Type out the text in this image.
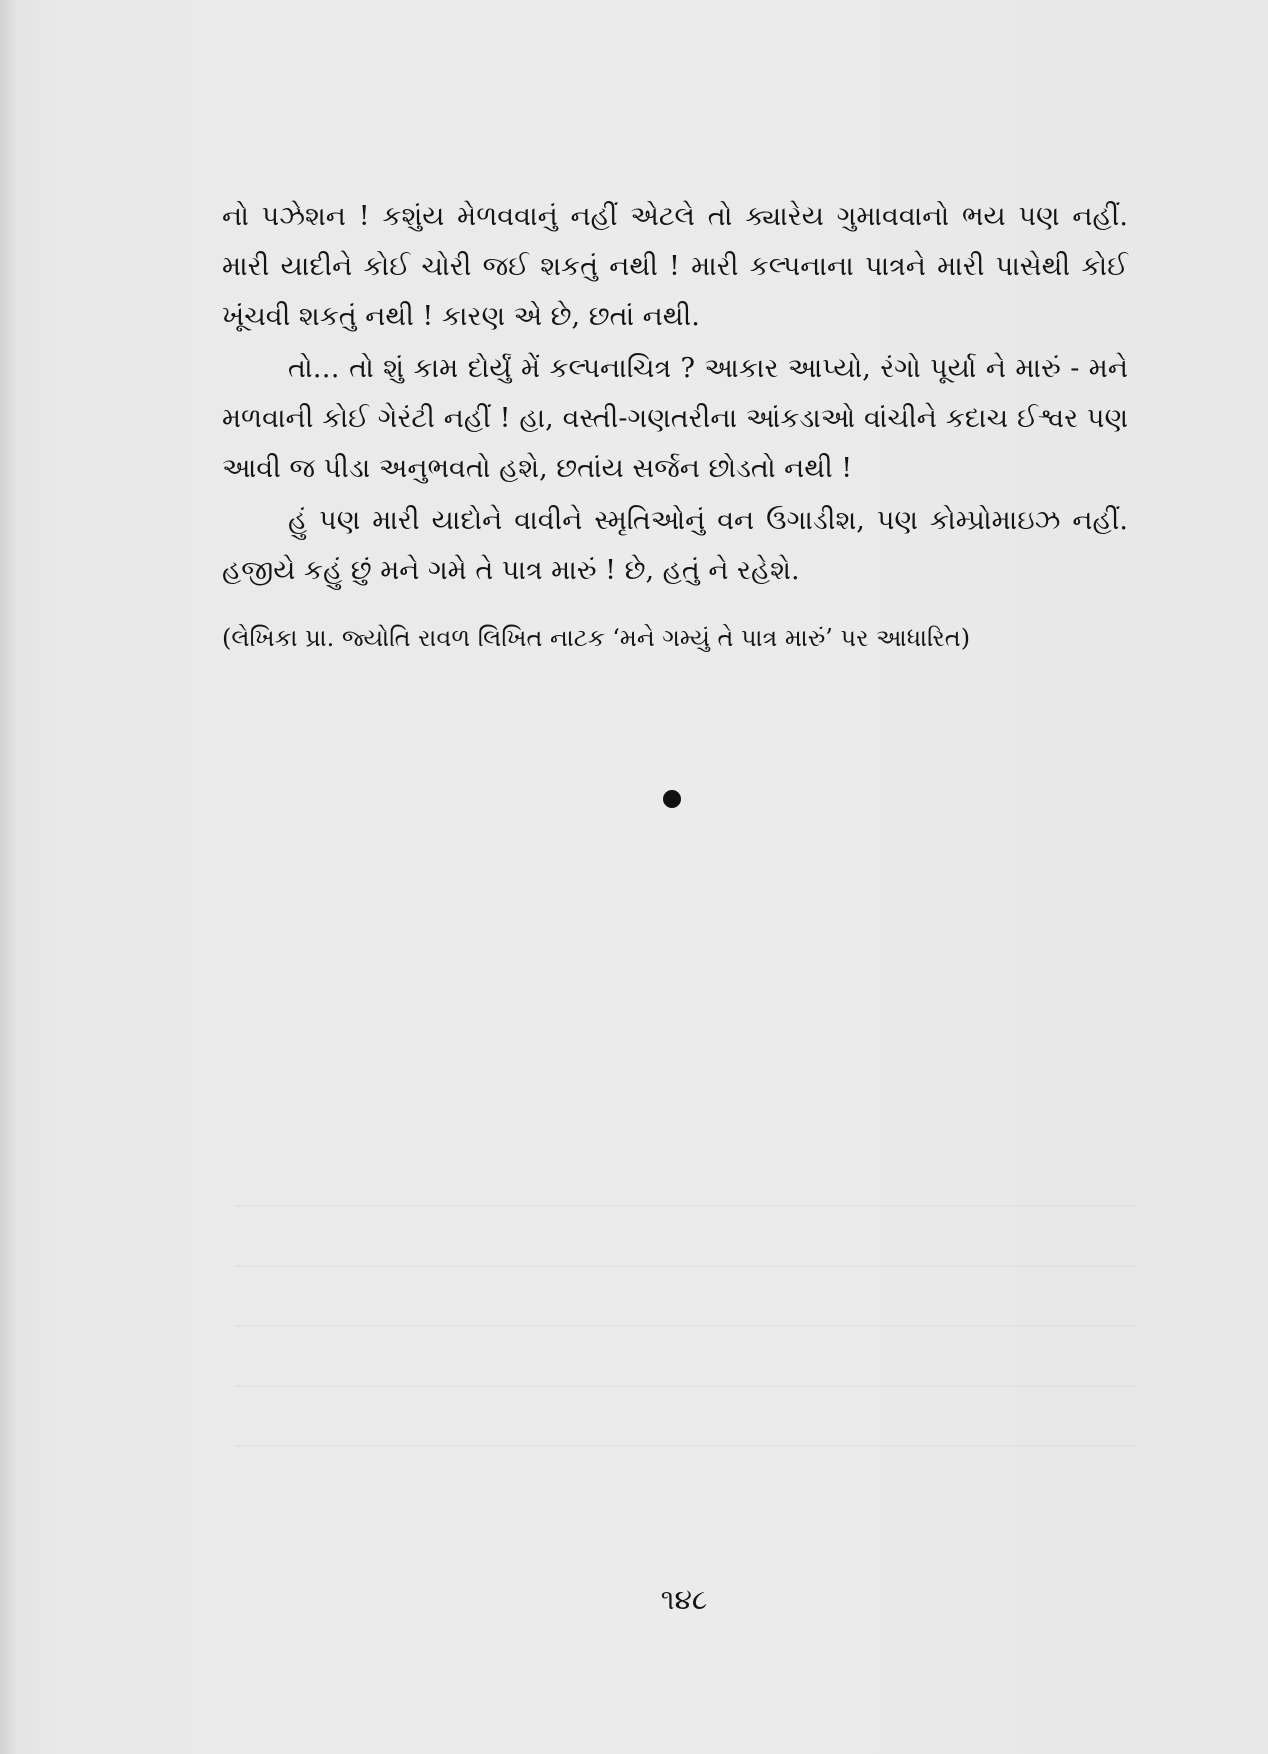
નો પઝેશન ! કશુંય મેળવવાનું નહીં એટલે તો ક્યારેય ગુમાવવાનો ભય પણ નહીં. મારી યાદીને કોઈ ચોરી જઈ શકતું નથી ! મારી કલ્પનાના પાત્રને મારી પાસેથી કોઈ ખૂંચવી શકતું નથી ! કારણ એ છે, છતાં નથી.

તો… તો શું કામ દોર્યું મેં કલ્પનાચિત્ર ? આકાર આપ્યો, રંગો પૂર્યા ને મારું - મને મળવાની કોઈ ગેરંટી નહીં ! હા, વસ્તી-ગણતરીના આંકડાઓ વાંચીને કદાચ ઈશ્વર પણ આવી જ પીડા અનુભવતો હશે, છતાંય સર્જન છોડતો નથી !

હું પણ મારી યાદોને વાવીને સ્મૃતિઓનું વન ઉગાડીશ, પણ કોમ્પ્રોમાઇઝ નહીં. હજીયે કહું છું મને ગમે તે પાત્ર મારું ! છે, હતું ને રહેશે.

(લેખિકા પ્રા. જ્યોતિ રાવળ લિખિત નાટક ‘મને ગમ્યું તે પાત્ર મારું’ પર આધારિત)
૧૪૮
